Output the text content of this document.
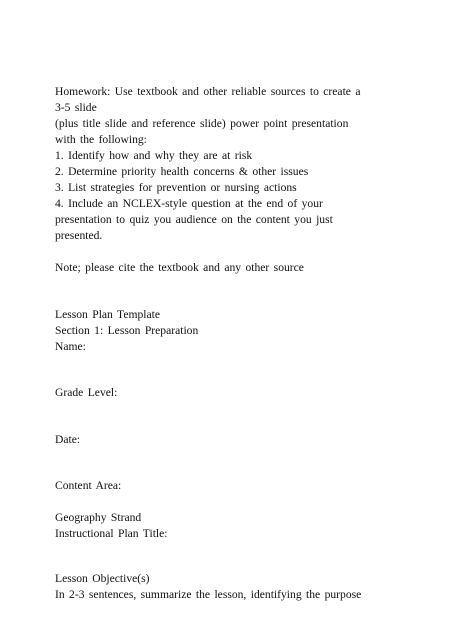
Homework: Use textbook and other reliable sources to create a
3-5 slide
(plus title slide and reference slide) power point presentation
with the following:
1. Identify how and why they are at risk
2. Determine priority health concerns & other issues
3. List strategies for prevention or nursing actions
4. Include an NCLEX-style question at the end of your
presentation to quiz you audience on the content you just
presented.
Note; please cite the textbook and any other source
Lesson Plan Template
Section 1: Lesson Preparation
Name:
Grade Level:
Date:
Content Area:
Geography Strand
Instructional Plan Title:
Lesson Objective(s)
In 2-3 sentences, summarize the lesson, identifying the purpose
